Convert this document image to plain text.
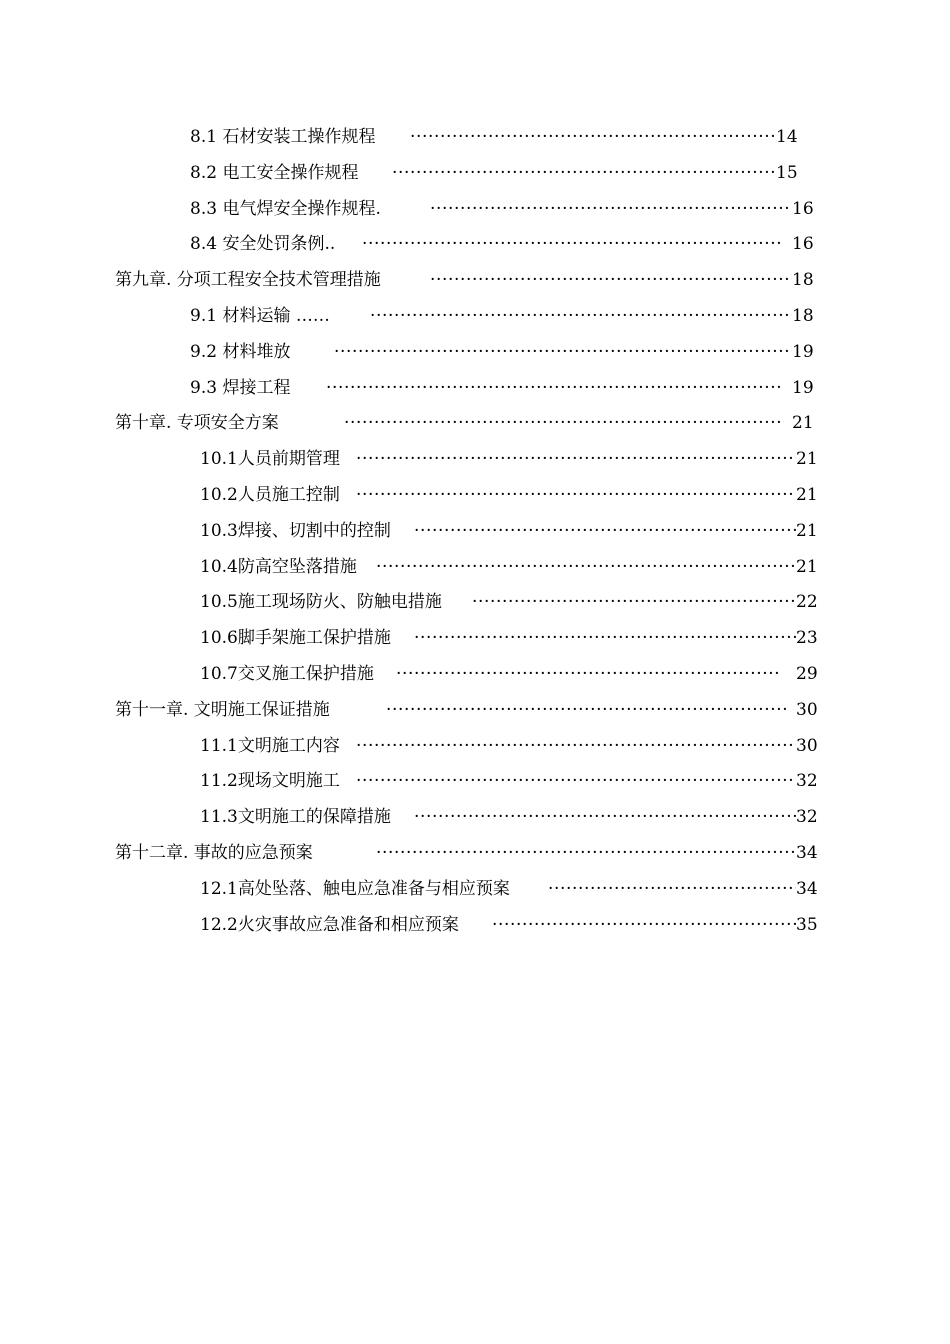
8.1 石材安装工操作规程 ·····	14
8.2 电工安全操作规程 ·····	15
8.3 电气焊安全操作规程. ·····	16
8.4 安全处罚条例.. ·····	16
第九章. 分项工程安全技术管理措施 ·····	18
9.1 材料运输 …… ·····	18
9.2 材料堆放 ·····	19
9.3 焊接工程 ·····	19
第十章. 专项安全方案 ·····	21
10.1人员前期管理 ·····	21
10.2人员施工控制 ·····	21
10.3焊接、切割中的控制 ·····	21
10.4防高空坠落措施 ·····	21
10.5施工现场防火、防触电措施 ·····	22
10.6脚手架施工保护措施 ·····	23
10.7交叉施工保护措施 ·····	29
第十一章. 文明施工保证措施 ·····	30
11.1文明施工内容 ·····	30
11.2现场文明施工 ·····	32
11.3文明施工的保障措施 ·····	32
第十二章. 事故的应急预案 ·····	34
12.1高处坠落、触电应急准备与相应预案 ·····	34
12.2火灾事故应急准备和相应预案 ·····	35
